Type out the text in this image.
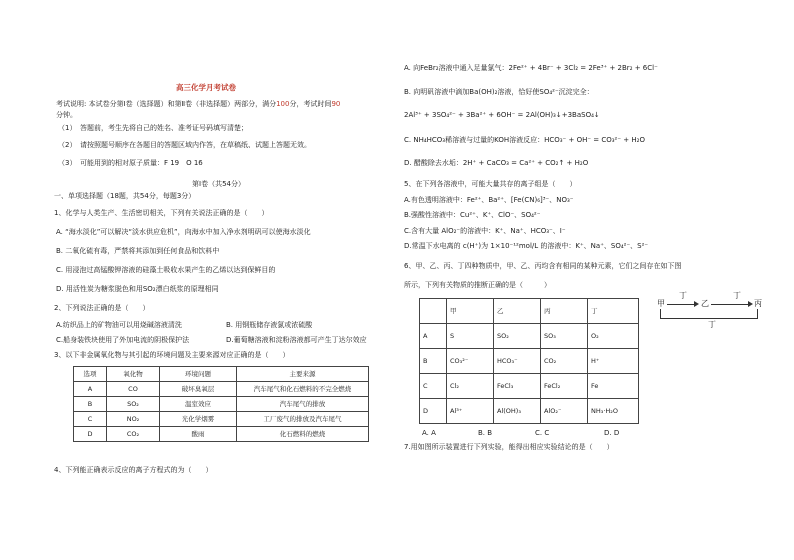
高三化学月考试卷
考试说明: 本试卷分第Ⅰ卷（选择题）和第Ⅱ卷（非选择题）两部分，满分100分，考试时间90
分钟。
（1）　答题前，考生先将自己的姓名、准考证号码填写清楚；
（2）　请按照题号顺序在各题目的答题区域内作答，在草稿纸、试题上答题无效。
（3）　可能用到的相对原子质量：F 19　O 16
第Ⅰ卷（共54分）
一、单项选择题（18题，共54分，每题3分）
1、化学与人类生产、生活密切相关，下列有关说法正确的是（　　）
A. “海水淡化”可以解决“淡水供应危机”，向海水中加入净水剂明矾可以使海水淡化
B. 二氧化硫有毒，严禁将其添加到任何食品和饮料中
C. 用浸泡过高锰酸钾溶液的硅藻土吸收水果产生的乙烯以达到保鲜目的
D. 用活性炭为糖浆脱色和用SO₂漂白纸浆的原理相同
2、下列说法正确的是（　　）
A.纺织品上的矿物油可以用烧碱溶液清洗	B. 用钢瓶储存液氯或浓硫酸
C.船身装铁块使用了外加电流的阴极保护法	D.葡萄糖溶液和淀粉溶液都可产生丁达尔效应
3、以下非金属氧化物与其引起的环境问题及主要来源对应正确的是（　　）
选项	氧化物	环境问题	主要来源
A	CO	破坏臭氧层	汽车尾气和化石燃料的不完全燃烧
B	SO₂	温室效应	汽车尾气的排放
C	NO₂	光化学烟雾	工厂废气的排放及汽车尾气
D	CO₂	酸雨	化石燃料的燃烧
4、下列能正确表示反应的离子方程式的为（　　）
A. 向FeBr₂溶液中通入足量氯气：2Fe²⁺ + 4Br⁻ + 3Cl₂ = 2Fe³⁺ + 2Br₂ + 6Cl⁻
B. 向明矾溶液中滴加Ba(OH)₂溶液，恰好使SO₄²⁻沉淀完全：
2Al³⁺ + 3SO₄²⁻ + 3Ba²⁺ + 6OH⁻ = 2Al(OH)₃↓+3BaSO₄↓
C. NH₄HCO₃稀溶液与过量的KOH溶液反应：HCO₃⁻ + OH⁻ = CO₃²⁻ + H₂O
D. 醋酸除去水垢：2H⁺ + CaCO₃ = Ca²⁺ + CO₂↑ + H₂O
5、在下列各溶液中，可能大量共存的离子组是（　　）
A.有色透明溶液中：Fe²⁺、Ba²⁺、[Fe(CN)₆]³⁻、NO₃⁻
B.强酸性溶液中：Cu²⁺、K⁺、ClO⁻、SO₄²⁻
C.含有大量 AlO₂⁻的溶液中：K⁺、Na⁺、HCO₃⁻、I⁻
D.常温下水电离的 c(H⁺)为 1×10⁻¹²mol/L 的溶液中：K⁺、Na⁺、SO₄²⁻、S²⁻
6、甲、乙、丙、丁四种物质中，甲、乙、丙均含有相同的某种元素，它们之间存在如下图
所示，下列有关物质的推断正确的是（　　　）
	甲	乙	丙	丁
A	S	SO₂	SO₃	O₂
B	CO₃²⁻	HCO₃⁻	CO₂	H⁺
C	Cl₂	FeCl₃	FeCl₂	Fe
D	Al³⁺	Al(OH)₃	AlO₂⁻	NH₃·H₂O
A. A	B. B	C. C	D. D
7.用如图所示装置进行下列实验，能得出相应实验结论的是（　　）
甲	乙	丙
丁	丁
丁
